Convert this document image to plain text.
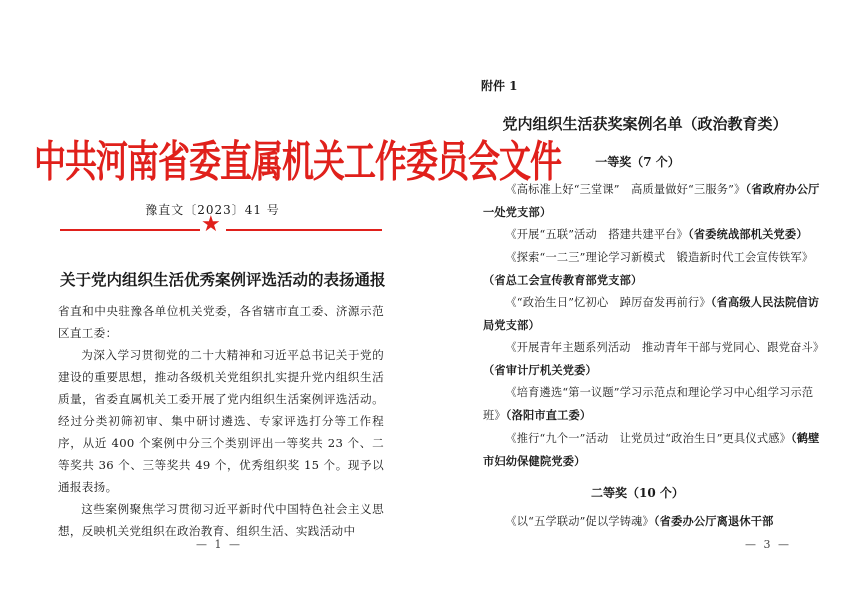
中共河南省委直属机关工作委员会文件
豫直文〔2023〕41 号
★
关于党内组织生活优秀案例评选活动的表扬通报

省直和中央驻豫各单位机关党委，各省辖市直工委、济源示范区直工委：

为深入学习贯彻党的二十大精神和习近平总书记关于党的建设的重要思想，推动各级机关党组织扎实提升党内组织生活质量，省委直属机关工委开展了党内组织生活案例评选活动。经过分类初筛初审、集中研讨遴选、专家评选打分等工作程序，从近 400 个案例中分三个类别评出一等奖共 23 个、二等奖共 36 个、三等奖共 49 个，优秀组织奖 15 个。现予以通报表扬。

这些案例聚焦学习贯彻习近平新时代中国特色社会主义思想，反映机关党组织在政治教育、组织生活、实践活动中

— 1 —
附件 1
党内组织生活获奖案例名单（政治教育类）
一等奖（7 个）
《高标准上好“三堂课”　高质量做好“三服务”》（省政府办公厅一处党支部）
《开展“五联”活动　搭建共建平台》（省委统战部机关党委）
《探索“一二三”理论学习新模式　锻造新时代工会宣传铁军》（省总工会宣传教育部党支部）
《“政治生日”忆初心　踔厉奋发再前行》（省高级人民法院信访局党支部）
《开展青年主题系列活动　推动青年干部与党同心、跟党奋斗》（省审计厅机关党委）
《培育遴选“第一议题”学习示范点和理论学习中心组学习示范班》（洛阳市直工委）
《推行“九个一”活动　让党员过“政治生日”更具仪式感》（鹤壁市妇幼保健院党委）
二等奖（10 个）
《以“五学联动”促以学铸魂》（省委办公厅离退休干部
— 3 —
